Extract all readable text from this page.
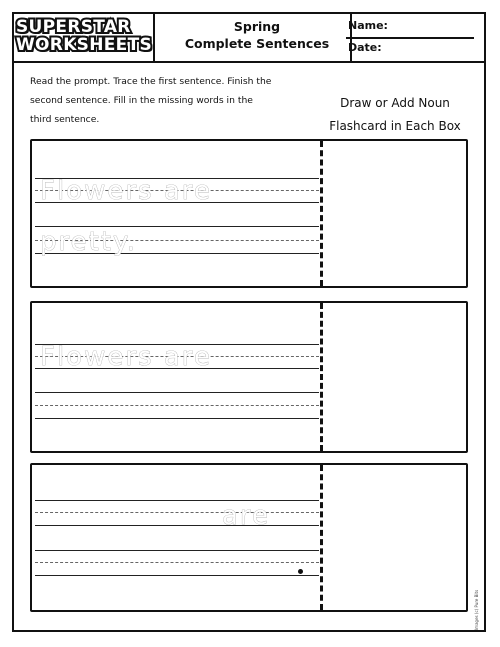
SUPERSTAR
WORKSHEETS
Spring
Complete Sentences
Name:
Date:
Read the prompt. Trace the first sentence. Finish the
second sentence. Fill in the missing words in the
third sentence.
Draw or Add Noun
Flashcard in Each Box
Flowers are
pretty.
Flowers are
are
Images (c) Pure Bits
